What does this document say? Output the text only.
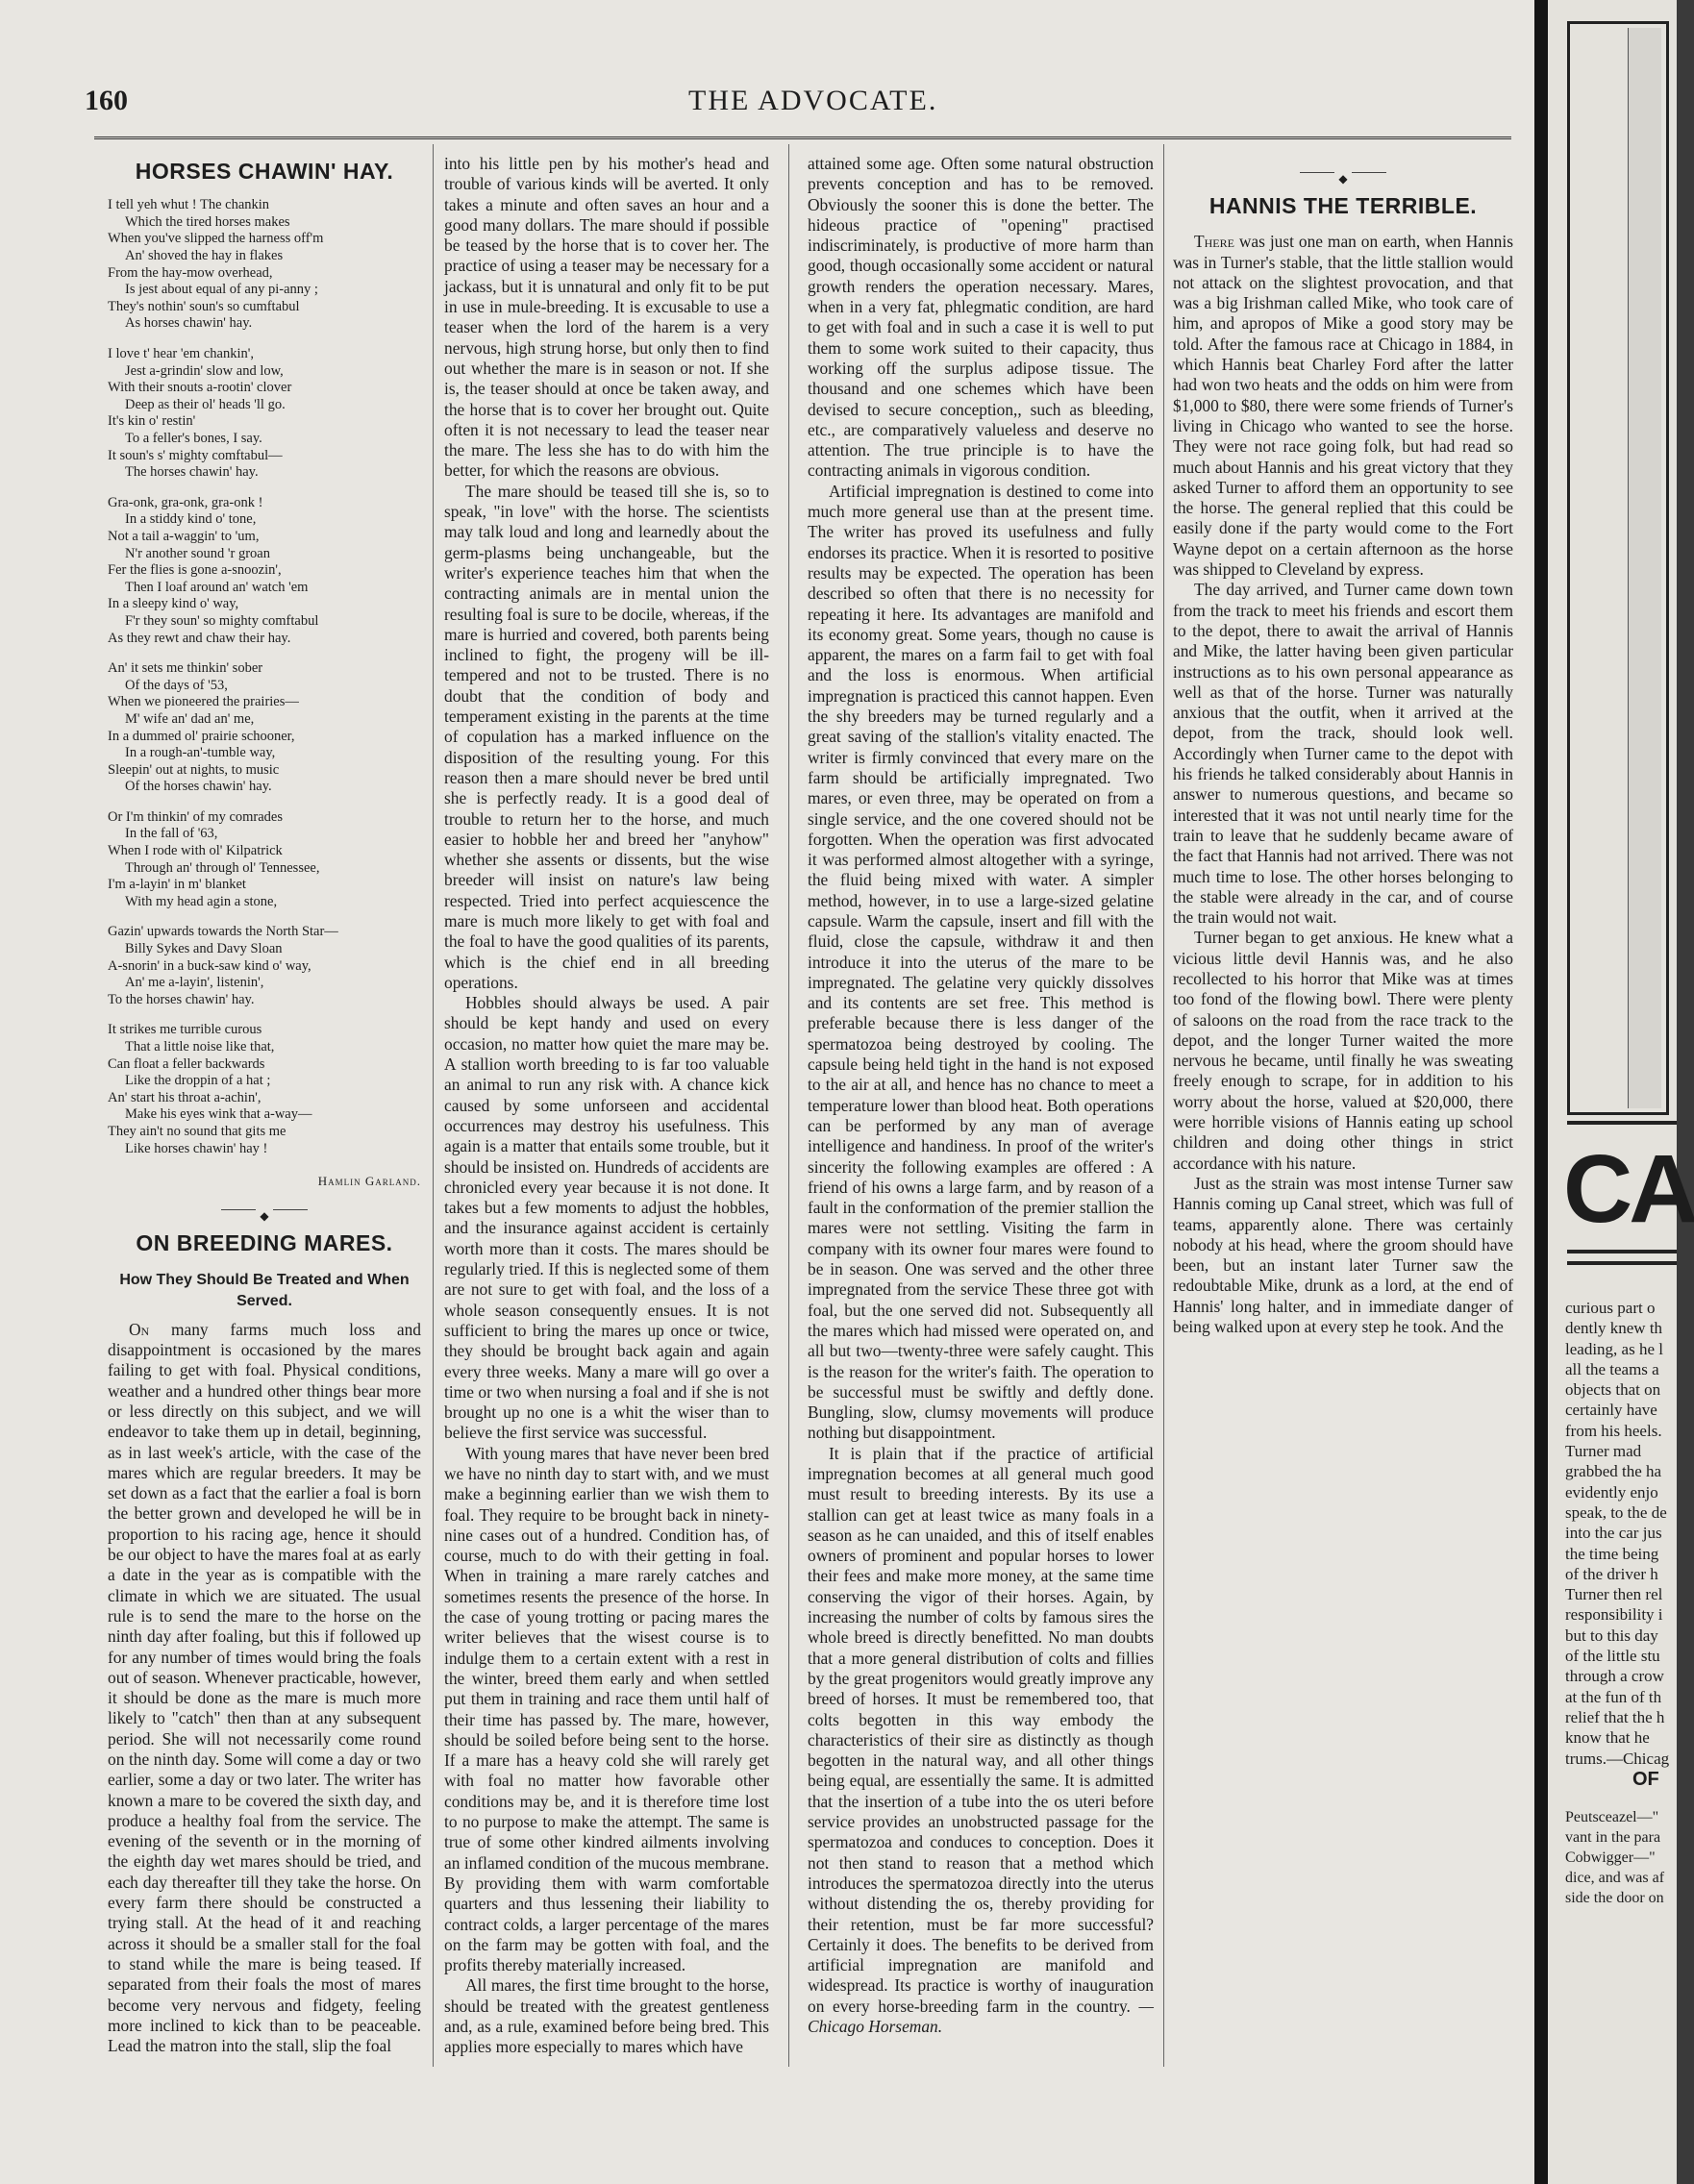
160	THE ADVOCATE.
HORSES CHAWIN' HAY.
I tell yeh whut ! The chankin
Which the tired horses makes
When you've slipped the harness off'm
An' shoved the hay in flakes
From the hay-mow overhead,
Is jest about equal of any pi-anny ;
They's nothin' soun's so cumftabul
As horses chawin' hay.
I love t' hear 'em chankin',
Jest a-grindin' slow and low,
With their snouts a-rootin' clover
Deep as their ol' heads 'll go.
It's kin o' restin'
To a feller's bones, I say.
It soun's s' mighty comftabul—
The horses chawin' hay.
Gra-onk, gra-onk, gra-onk !
In a stiddy kind o' tone,
Not a tail a-waggin' to 'um,
N'r another sound 'r groan
Fer the flies is gone a-snoozin',
Then I loaf around an' watch 'em
In a sleepy kind o' way,
F'r they soun' so mighty comftabul
As they rewt and chaw their hay.
An' it sets me thinkin' sober
Of the days of '53,
When we pioneered the prairies—
M' wife an' dad an' me,
In a dummed ol' prairie schooner,
In a rough-an'-tumble way,
Sleepin' out at nights, to music
Of the horses chawin' hay.
Or I'm thinkin' of my comrades
In the fall of '63,
When I rode with ol' Kilpatrick
Through an' through ol' Tennessee,
I'm a-layin' in m' blanket
With my head agin a stone,
Gazin' upwards towards the North Star—
Billy Sykes and Davy Sloan
A-snorin' in a buck-saw kind o' way,
An' me a-layin', listenin',
To the horses chawin' hay.
It strikes me turrible curous
That a little noise like that,
Can float a feller backwards
Like the droppin of a hat ;
An' start his throat a-achin',
Make his eyes wink that a-way—
They ain't no sound that gits me
Like horses chawin' hay !
Hamlin Garland.
◆
ON BREEDING MARES.
How They Should Be Treated and When Served.

On many farms much loss and disappointment is occasioned by the mares failing to get with foal. Physical conditions, weather and a hundred other things bear more or less directly on this subject, and we will endeavor to take them up in detail, beginning, as in last week's article, with the case of the mares which are regular breeders. It may be set down as a fact that the earlier a foal is born the better grown and developed he will be in proportion to his racing age, hence it should be our object to have the mares foal at as early a date in the year as is compatible with the climate in which we are situated. The usual rule is to send the mare to the horse on the ninth day after foaling, but this if followed up for any number of times would bring the foals out of season. Whenever practicable, however, it should be done as the mare is much more likely to "catch" then than at any subsequent period. She will not necessarily come round on the ninth day. Some will come a day or two earlier, some a day or two later. The writer has known a mare to be covered the sixth day, and produce a healthy foal from the service. The evening of the seventh or in the morning of the eighth day wet mares should be tried, and each day thereafter till they take the horse. On every farm there should be constructed a trying stall. At the head of it and reaching across it should be a smaller stall for the foal to stand while the mare is being teased. If separated from their foals the most of mares become very nervous and fidgety, feeling more inclined to kick than to be peaceable. Lead the matron into the stall, slip the foal

into his little pen by his mother's head and trouble of various kinds will be averted. It only takes a minute and often saves an hour and a good many dollars. The mare should if possible be teased by the horse that is to cover her. The practice of using a teaser may be necessary for a jackass, but it is unnatural and only fit to be put in use in mule-breeding. It is excusable to use a teaser when the lord of the harem is a very nervous, high strung horse, but only then to find out whether the mare is in season or not. If she is, the teaser should at once be taken away, and the horse that is to cover her brought out. Quite often it is not necessary to lead the teaser near the mare. The less she has to do with him the better, for which the reasons are obvious.

The mare should be teased till she is, so to speak, "in love" with the horse. The scientists may talk loud and long and learnedly about the germ-plasms being unchangeable, but the writer's experience teaches him that when the contracting animals are in mental union the resulting foal is sure to be docile, whereas, if the mare is hurried and covered, both parents being inclined to fight, the progeny will be ill-tempered and not to be trusted. There is no doubt that the condition of body and temperament existing in the parents at the time of copulation has a marked influence on the disposition of the resulting young. For this reason then a mare should never be bred until she is perfectly ready. It is a good deal of trouble to return her to the horse, and much easier to hobble her and breed her "anyhow" whether she assents or dissents, but the wise breeder will insist on nature's law being respected. Tried into perfect acquiescence the mare is much more likely to get with foal and the foal to have the good qualities of its parents, which is the chief end in all breeding operations.

Hobbles should always be used. A pair should be kept handy and used on every occasion, no matter how quiet the mare may be. A stallion worth breeding to is far too valuable an animal to run any risk with. A chance kick caused by some unforseen and accidental occurrences may destroy his usefulness. This again is a matter that entails some trouble, but it should be insisted on. Hundreds of accidents are chronicled every year because it is not done. It takes but a few moments to adjust the hobbles, and the insurance against accident is certainly worth more than it costs. The mares should be regularly tried. If this is neglected some of them are not sure to get with foal, and the loss of a whole season consequently ensues. It is not sufficient to bring the mares up once or twice, they should be brought back again and again every three weeks. Many a mare will go over a time or two when nursing a foal and if she is not brought up no one is a whit the wiser than to believe the first service was successful.

With young mares that have never been bred we have no ninth day to start with, and we must make a beginning earlier than we wish them to foal. They require to be brought back in ninety-nine cases out of a hundred. Condition has, of course, much to do with their getting in foal. When in training a mare rarely catches and sometimes resents the presence of the horse. In the case of young trotting or pacing mares the writer believes that the wisest course is to indulge them to a certain extent with a rest in the winter, breed them early and when settled put them in training and race them until half of their time has passed by. The mare, however, should be soiled before being sent to the horse. If a mare has a heavy cold she will rarely get with foal no matter how favorable other conditions may be, and it is therefore time lost to no purpose to make the attempt. The same is true of some other kindred ailments involving an inflamed condition of the mucous membrane. By providing them with warm comfortable quarters and thus lessening their liability to contract colds, a larger percentage of the mares on the farm may be gotten with foal, and the profits thereby materially increased.

All mares, the first time brought to the horse, should be treated with the greatest gentleness and, as a rule, examined before being bred. This applies more especially to mares which have

attained some age. Often some natural obstruction prevents conception and has to be removed. Obviously the sooner this is done the better. The hideous practice of "opening" practised indiscriminately, is productive of more harm than good, though occasionally some accident or natural growth renders the operation necessary. Mares, when in a very fat, phlegmatic condition, are hard to get with foal and in such a case it is well to put them to some work suited to their capacity, thus working off the surplus adipose tissue. The thousand and one schemes which have been devised to secure conception,, such as bleeding, etc., are comparatively valueless and deserve no attention. The true principle is to have the contracting animals in vigorous condition.

Artificial impregnation is destined to come into much more general use than at the present time. The writer has proved its usefulness and fully endorses its practice. When it is resorted to positive results may be expected. The operation has been described so often that there is no necessity for repeating it here. Its advantages are manifold and its economy great. Some years, though no cause is apparent, the mares on a farm fail to get with foal and the loss is enormous. When artificial impregnation is practiced this cannot happen. Even the shy breeders may be turned regularly and a great saving of the stallion's vitality enacted. The writer is firmly convinced that every mare on the farm should be artificially impregnated. Two mares, or even three, may be operated on from a single service, and the one covered should not be forgotten. When the operation was first advocated it was performed almost altogether with a syringe, the fluid being mixed with water. A simpler method, however, in to use a large-sized gelatine capsule. Warm the capsule, insert and fill with the fluid, close the capsule, withdraw it and then introduce it into the uterus of the mare to be impregnated. The gelatine very quickly dissolves and its contents are set free. This method is preferable because there is less danger of the spermatozoa being destroyed by cooling. The capsule being held tight in the hand is not exposed to the air at all, and hence has no chance to meet a temperature lower than blood heat. Both operations can be performed by any man of average intelligence and handiness. In proof of the writer's sincerity the following examples are offered : A friend of his owns a large farm, and by reason of a fault in the conformation of the premier stallion the mares were not settling. Visiting the farm in company with its owner four mares were found to be in season. One was served and the other three impregnated from the service These three got with foal, but the one served did not. Subsequently all the mares which had missed were operated on, and all but two—twenty-three were safely caught. This is the reason for the writer's faith. The operation to be successful must be swiftly and deftly done. Bungling, slow, clumsy movements will produce nothing but disappointment.

It is plain that if the practice of artificial impregnation becomes at all general much good must result to breeding interests. By its use a stallion can get at least twice as many foals in a season as he can unaided, and this of itself enables owners of prominent and popular horses to lower their fees and make more money, at the same time conserving the vigor of their horses. Again, by increasing the number of colts by famous sires the whole breed is directly benefitted. No man doubts that a more general distribution of colts and fillies by the great progenitors would greatly improve any breed of horses. It must be remembered too, that colts begotten in this way embody the characteristics of their sire as distinctly as though begotten in the natural way, and all other things being equal, are essentially the same. It is admitted that the insertion of a tube into the os uteri before service provides an unobstructed passage for the spermatozoa and conduces to conception. Does it not then stand to reason that a method which introduces the spermatozoa directly into the uterus without distending the os, thereby providing for their retention, must be far more successful? Certainly it does. The benefits to be derived from artificial impregnation are manifold and widespread. Its practice is worthy of inauguration on every horse-breeding farm in the country. —Chicago Horseman.

◆
HANNIS THE TERRIBLE.

There was just one man on earth, when Hannis was in Turner's stable, that the little stallion would not attack on the slightest provocation, and that was a big Irishman called Mike, who took care of him, and apropos of Mike a good story may be told. After the famous race at Chicago in 1884, in which Hannis beat Charley Ford after the latter had won two heats and the odds on him were from $1,000 to $80, there were some friends of Turner's living in Chicago who wanted to see the horse. They were not race going folk, but had read so much about Hannis and his great victory that they asked Turner to afford them an opportunity to see the horse. The general replied that this could be easily done if the party would come to the Fort Wayne depot on a certain afternoon as the horse was shipped to Cleveland by express.

The day arrived, and Turner came down town from the track to meet his friends and escort them to the depot, there to await the arrival of Hannis and Mike, the latter having been given particular instructions as to his own personal appearance as well as that of the horse. Turner was naturally anxious that the outfit, when it arrived at the depot, from the track, should look well. Accordingly when Turner came to the depot with his friends he talked considerably about Hannis in answer to numerous questions, and became so interested that it was not until nearly time for the train to leave that he suddenly became aware of the fact that Hannis had not arrived. There was not much time to lose. The other horses belonging to the stable were already in the car, and of course the train would not wait.

Turner began to get anxious. He knew what a vicious little devil Hannis was, and he also recollected to his horror that Mike was at times too fond of the flowing bowl. There were plenty of saloons on the road from the race track to the depot, and the longer Turner waited the more nervous he became, until finally he was sweating freely enough to scrape, for in addition to his worry about the horse, valued at $20,000, there were horrible visions of Hannis eating up school children and doing other things in strict accordance with his nature.

Just as the strain was most intense Turner saw Hannis coming up Canal street, which was full of teams, apparently alone. There was certainly nobody at his head, where the groom should have been, but an instant later Turner saw the redoubtable Mike, drunk as a lord, at the end of Hannis' long halter, and in immediate danger of being walked upon at every step he took. And the

CA
curious part o
dently knew th
leading, as he l
all the teams a
objects that on
certainly have
from his heels.
Turner mad
grabbed the ha
evidently enjo
speak, to the de
into the car jus
the time being
of the driver h
Turner then rel
responsibility i
but to this day
of the little stu
through a crow
at the fun of th
relief that the h
know that he
trums.—Chicag
OF
Peutsceazel—"
vant in the para
Cobwigger—"
dice, and was af
side the door on
